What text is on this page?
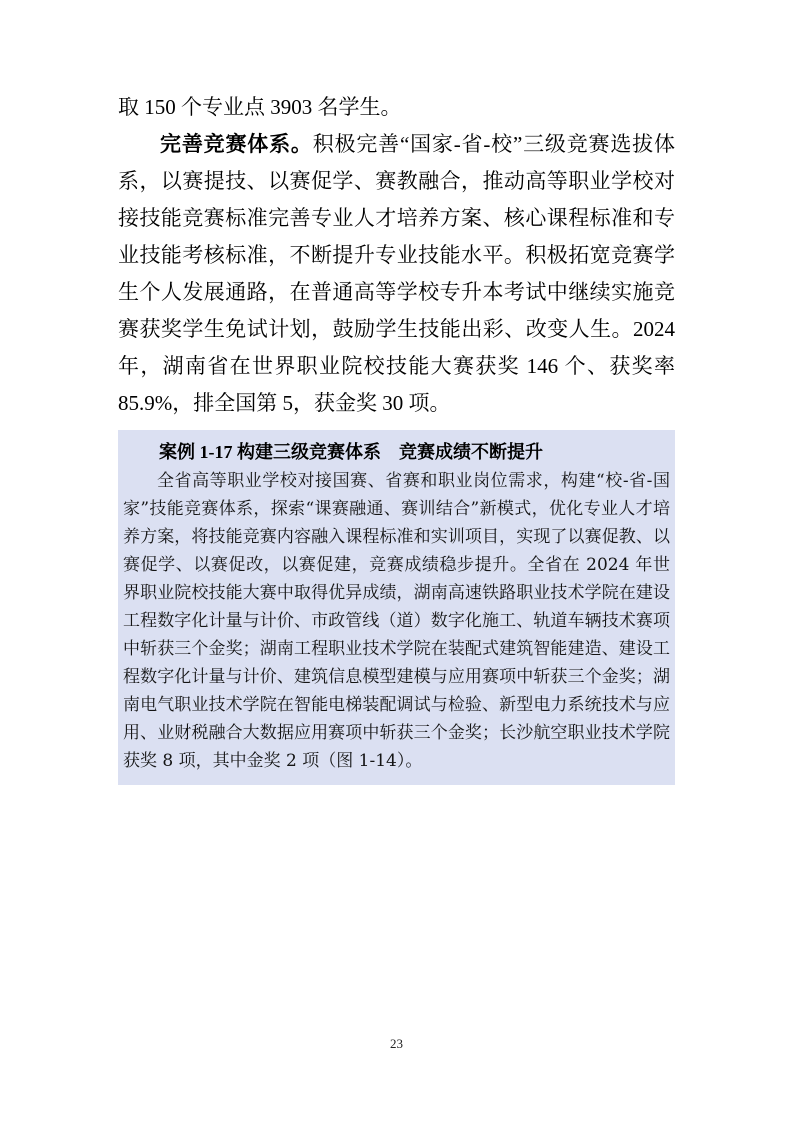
取 150 个专业点 3903 名学生。

完善竞赛体系。积极完善“国家-省-校”三级竞赛选拔体系，以赛提技、以赛促学、赛教融合，推动高等职业学校对接技能竞赛标准完善专业人才培养方案、核心课程标准和专业技能考核标准，不断提升专业技能水平。积极拓宽竞赛学生个人发展通路，在普通高等学校专升本考试中继续实施竞赛获奖学生免试计划，鼓励学生技能出彩、改变人生。2024 年，湖南省在世界职业院校技能大赛获奖 146 个、获奖率 85.9%，排全国第 5，获金奖 30 项。

案例 1-17 构建三级竞赛体系　竞赛成绩不断提升

全省高等职业学校对接国赛、省赛和职业岗位需求，构建“校-省-国家”技能竞赛体系，探索“课赛融通、赛训结合”新模式，优化专业人才培养方案，将技能竞赛内容融入课程标准和实训项目，实现了以赛促教、以赛促学、以赛促改，以赛促建，竞赛成绩稳步提升。全省在 2024 年世界职业院校技能大赛中取得优异成绩，湖南高速铁路职业技术学院在建设工程数字化计量与计价、市政管线（道）数字化施工、轨道车辆技术赛项中斩获三个金奖；湖南工程职业技术学院在装配式建筑智能建造、建设工程数字化计量与计价、建筑信息模型建模与应用赛项中斩获三个金奖；湖南电气职业技术学院在智能电梯装配调试与检验、新型电力系统技术与应用、业财税融合大数据应用赛项中斩获三个金奖；长沙航空职业技术学院获奖 8 项，其中金奖 2 项（图 1-14）。

23
